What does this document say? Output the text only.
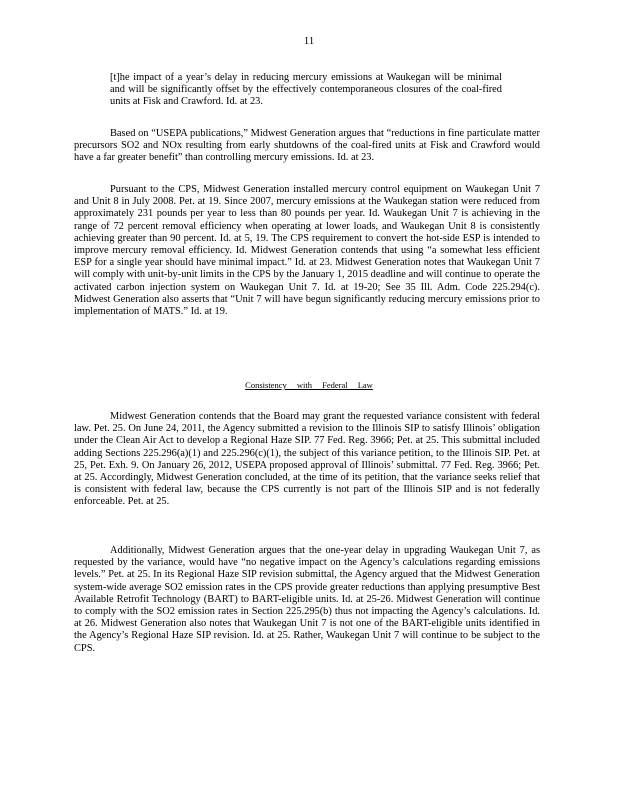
11

[t]he impact of a year’s delay in reducing mercury emissions at Waukegan will be minimal and will be significantly offset by the effectively contemporaneous closures of the coal-fired units at Fisk and Crawford. Id. at 23.

Based on “USEPA publications,” Midwest Generation argues that “reductions in fine particulate matter precursors SO2 and NOx resulting from early shutdowns of the coal-fired units at Fisk and Crawford would have a far greater benefit” than controlling mercury emissions. Id. at 23.

Pursuant to the CPS, Midwest Generation installed mercury control equipment on Waukegan Unit 7 and Unit 8 in July 2008. Pet. at 19. Since 2007, mercury emissions at the Waukegan station were reduced from approximately 231 pounds per year to less than 80 pounds per year. Id. Waukegan Unit 7 is achieving in the range of 72 percent removal efficiency when operating at lower loads, and Waukegan Unit 8 is consistently achieving greater than 90 percent. Id. at 5, 19. The CPS requirement to convert the hot-side ESP is intended to improve mercury removal efficiency. Id. Midwest Generation contends that using “a somewhat less efficient ESP for a single year should have minimal impact.” Id. at 23. Midwest Generation notes that Waukegan Unit 7 will comply with unit-by-unit limits in the CPS by the January 1, 2015 deadline and will continue to operate the activated carbon injection system on Waukegan Unit 7. Id. at 19-20; See 35 Ill. Adm. Code 225.294(c). Midwest Generation also asserts that “Unit 7 will have begun significantly reducing mercury emissions prior to implementation of MATS.” Id. at 19.

Consistency with Federal Law

Midwest Generation contends that the Board may grant the requested variance consistent with federal law. Pet. 25. On June 24, 2011, the Agency submitted a revision to the Illinois SIP to satisfy Illinois’ obligation under the Clean Air Act to develop a Regional Haze SIP. 77 Fed. Reg. 3966; Pet. at 25. This submittal included adding Sections 225.296(a)(1) and 225.296(c)(1), the subject of this variance petition, to the Illinois SIP. Pet. at 25, Pet. Exh. 9. On January 26, 2012, USEPA proposed approval of Illinois’ submittal. 77 Fed. Reg. 3966; Pet. at 25. Accordingly, Midwest Generation concluded, at the time of its petition, that the variance seeks relief that is consistent with federal law, because the CPS currently is not part of the Illinois SIP and is not federally enforceable. Pet. at 25.

Additionally, Midwest Generation argues that the one-year delay in upgrading Waukegan Unit 7, as requested by the variance, would have “no negative impact on the Agency’s calculations regarding emissions levels.” Pet. at 25. In its Regional Haze SIP revision submittal, the Agency argued that the Midwest Generation system-wide average SO2 emission rates in the CPS provide greater reductions than applying presumptive Best Available Retrofit Technology (BART) to BART-eligible units. Id. at 25-26. Midwest Generation will continue to comply with the SO2 emission rates in Section 225.295(b) thus not impacting the Agency’s calculations. Id. at 26. Midwest Generation also notes that Waukegan Unit 7 is not one of the BART-eligible units identified in the Agency’s Regional Haze SIP revision. Id. at 25. Rather, Waukegan Unit 7 will continue to be subject to the CPS.
